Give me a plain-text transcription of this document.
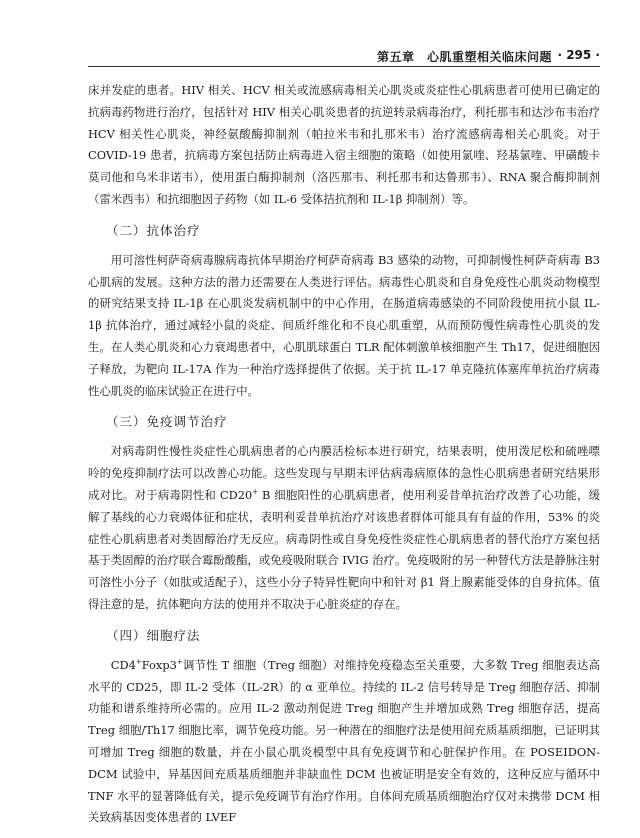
第五章　心肌重塑相关临床问题 · 295 ·

床并发症的患者。HIV 相关、HCV 相关或流感病毒相关心肌炎或炎症性心肌病患者可使用已确定的抗病毒药物进行治疗，包括针对 HIV 相关心肌炎患者的抗逆转录病毒治疗，利托那韦和达沙布韦治疗 HCV 相关性心肌炎，神经氨酸酶抑制剂（帕拉米韦和扎那米韦）治疗流感病毒相关心肌炎。对于 COVID-19 患者，抗病毒方案包括防止病毒进入宿主细胞的策略（如使用氯喹、羟基氯喹、甲磺酸卡莫司他和乌米非诺韦），使用蛋白酶抑制剂（洛匹那韦、利托那韦和达鲁那韦）、RNA 聚合酶抑制剂（雷米西韦）和抗细胞因子药物（如 IL-6 受体拮抗剂和 IL-1β 抑制剂）等。

（二）抗体治疗

用可溶性柯萨奇病毒腺病毒抗体早期治疗柯萨奇病毒 B3 感染的动物，可抑制慢性柯萨奇病毒 B3 心肌病的发展。这种方法的潜力还需要在人类进行评估。病毒性心肌炎和自身免疫性心肌炎动物模型的研究结果支持 IL-1β 在心肌炎发病机制中的中心作用，在肠道病毒感染的不同阶段使用抗小鼠 IL-1β 抗体治疗，通过减轻小鼠的炎症、间质纤维化和不良心肌重塑，从而预防慢性病毒性心肌炎的发生。在人类心肌炎和心力衰竭患者中，心肌肌球蛋白 TLR 配体刺激单核细胞产生 Th17，促进细胞因子释放，为靶向 IL-17A 作为一种治疗选择提供了依据。关于抗 IL-17 单克隆抗体塞库单抗治疗病毒性心肌炎的临床试验正在进行中。

（三）免疫调节治疗

对病毒阴性慢性炎症性心肌病患者的心内膜活检标本进行研究，结果表明，使用泼尼松和硫唑嘌呤的免疫抑制疗法可以改善心功能。这些发现与早期未评估病毒病原体的急性心肌病患者研究结果形成对比。对于病毒阴性和 CD20+ B 细胞阳性的心肌病患者，使用利妥昔单抗治疗改善了心功能，缓解了基线的心力衰竭体征和症状，表明利妥昔单抗治疗对该患者群体可能具有有益的作用，53% 的炎症性心肌病患者对类固醇治疗无反应。病毒阴性或自身免疫性炎症性心肌病患者的替代治疗方案包括基于类固醇的治疗联合霉酚酸酯，或免疫吸附联合 IVIG 治疗。免疫吸附的另一种替代方法是静脉注射可溶性小分子（如肽或适配子），这些小分子特异性靶向中和针对 β1 肾上腺素能受体的自身抗体。值得注意的是，抗体靶向方法的使用并不取决于心脏炎症的存在。

（四）细胞疗法

CD4+Foxp3+调节性 T 细胞（Treg 细胞）对维持免疫稳态至关重要，大多数 Treg 细胞表达高水平的 CD25，即 IL-2 受体（IL-2R）的 α 亚单位。持续的 IL-2 信号转导是 Treg 细胞存活、抑制功能和谱系维持所必需的。应用 IL-2 激动剂促进 Treg 细胞产生并增加成熟 Treg 细胞存活，提高 Treg 细胞/Th17 细胞比率，调节免疫功能。另一种潜在的细胞疗法是使用间充质基质细胞，已证明其可增加 Treg 细胞的数量，并在小鼠心肌炎模型中具有免疫调节和心脏保护作用。在 POSEIDON-DCM 试验中，异基因间充质基质细胞并非缺血性 DCM 也被证明是安全有效的，这种反应与循环中 TNF 水平的显著降低有关，提示免疫调节有治疗作用。自体间充质基质细胞治疗仅对未携带 DCM 相关致病基因变体患者的 LVEF
